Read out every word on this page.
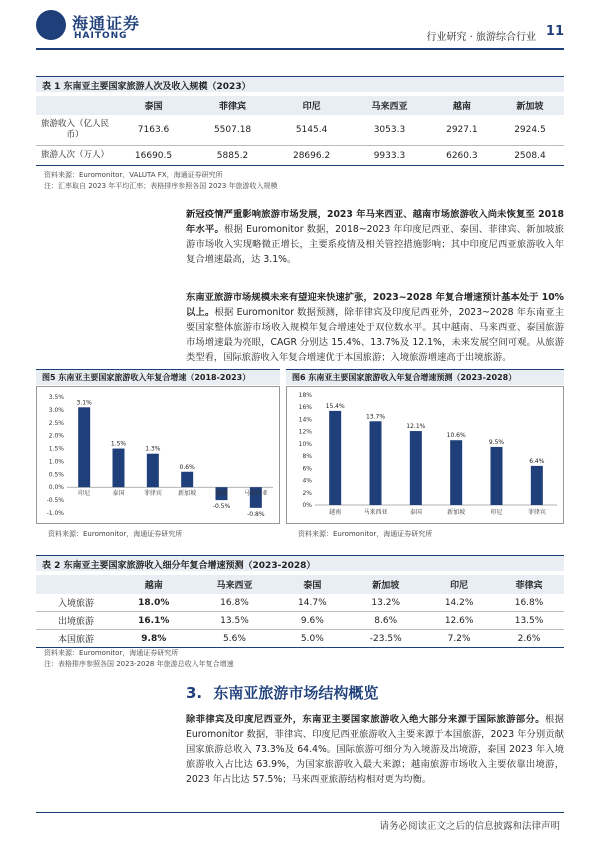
海通证券
HAITONG	行业研究 · 旅游综合行业 11
表 1 东南亚主要国家旅游人次及收入规模（2023）
	泰国	菲律宾	印尼	马来西亚	越南	新加坡
旅游收入（亿人民币）	7163.6	5507.18	5145.4	3053.3	2927.1	2924.5
旅游人次（万人）	16690.5	5885.2	28696.2	9933.3	6260.3	2508.4
资料来源：Euromonitor、VALUTA FX，海通证券研究所
注：汇率取自 2023 年平均汇率；表格排序参照各国 2023 年旅游收入规模
新冠疫情严重影响旅游市场发展，2023 年马来西亚、越南市场旅游收入尚未恢复至 2018 年水平。根据 Euromonitor 数据，2018~2023 年印度尼西亚、泰国、菲律宾、新加坡旅游市场收入实现略微正增长，主要系疫情及相关管控措施影响；其中印度尼西亚旅游收入年复合增速最高，达 3.1%。
东南亚旅游市场规模未来有望迎来快速扩张，2023~2028 年复合增速预计基本处于 10%以上。根据 Euromonitor 数据预测，除菲律宾及印度尼西亚外，2023~2028 年东南亚主要国家整体旅游市场收入规模年复合增速处于双位数水平。其中越南、马来西亚、泰国旅游市场增速最为亮眼，CAGR 分别达 15.4%、13.7%及 12.1%，未来发展空间可观。从旅游类型看，国际旅游收入年复合增速优于本国旅游；入境旅游增速高于出境旅游。
图5 东南亚主要国家旅游收入年复合增速（2018-2023）
3.5%
3.0%
2.5%
2.0%
1.5%
1.0%
0.5%
0.0%
-0.5%
-1.0%
3.1%
印尼
1.5%
泰国
1.3%
菲律宾
0.6%
新加坡
-0.5%
越南
-0.8%
马来西亚
资料来源：Euromonitor，海通证券研究所
图6 东南亚主要国家旅游收入年复合增速预测（2023-2028）
18%
16%
14%
12%
10%
8%
6%
4%
2%
0%
15.4%
越南
13.7%
马来西亚
12.1%
泰国
10.6%
新加坡
9.5%
印尼
6.4%
菲律宾
资料来源：Euromonitor，海通证券研究所
表 2 东南亚主要国家旅游收入细分年复合增速预测（2023-2028）
	越南	马来西亚	泰国	新加坡	印尼	菲律宾
入境旅游	18.0%	16.8%	14.7%	13.2%	14.2%	16.8%
出境旅游	16.1%	13.5%	9.6%	8.6%	12.6%	13.5%
本国旅游	9.8%	5.6%	5.0%	-23.5%	7.2%	2.6%
资料来源：Euromonitor，海通证券研究所
注：表格排序参照各国 2023-2028 年旅游总收入年复合增速
3. 东南亚旅游市场结构概览
除菲律宾及印度尼西亚外，东南亚主要国家旅游收入绝大部分来源于国际旅游部分。根据 Euromonitor 数据，菲律宾、印度尼西亚旅游收入主要来源于本国旅游，2023 年分别贡献国家旅游总收入 73.3%及 64.4%。国际旅游可细分为入境游及出境游，泰国 2023 年入境旅游收入占比达 63.9%，为国家旅游收入最大来源；越南旅游市场收入主要依靠出境游，2023 年占比达 57.5%；马来西亚旅游结构相对更为均衡。
请务必阅读正文之后的信息披露和法律声明
